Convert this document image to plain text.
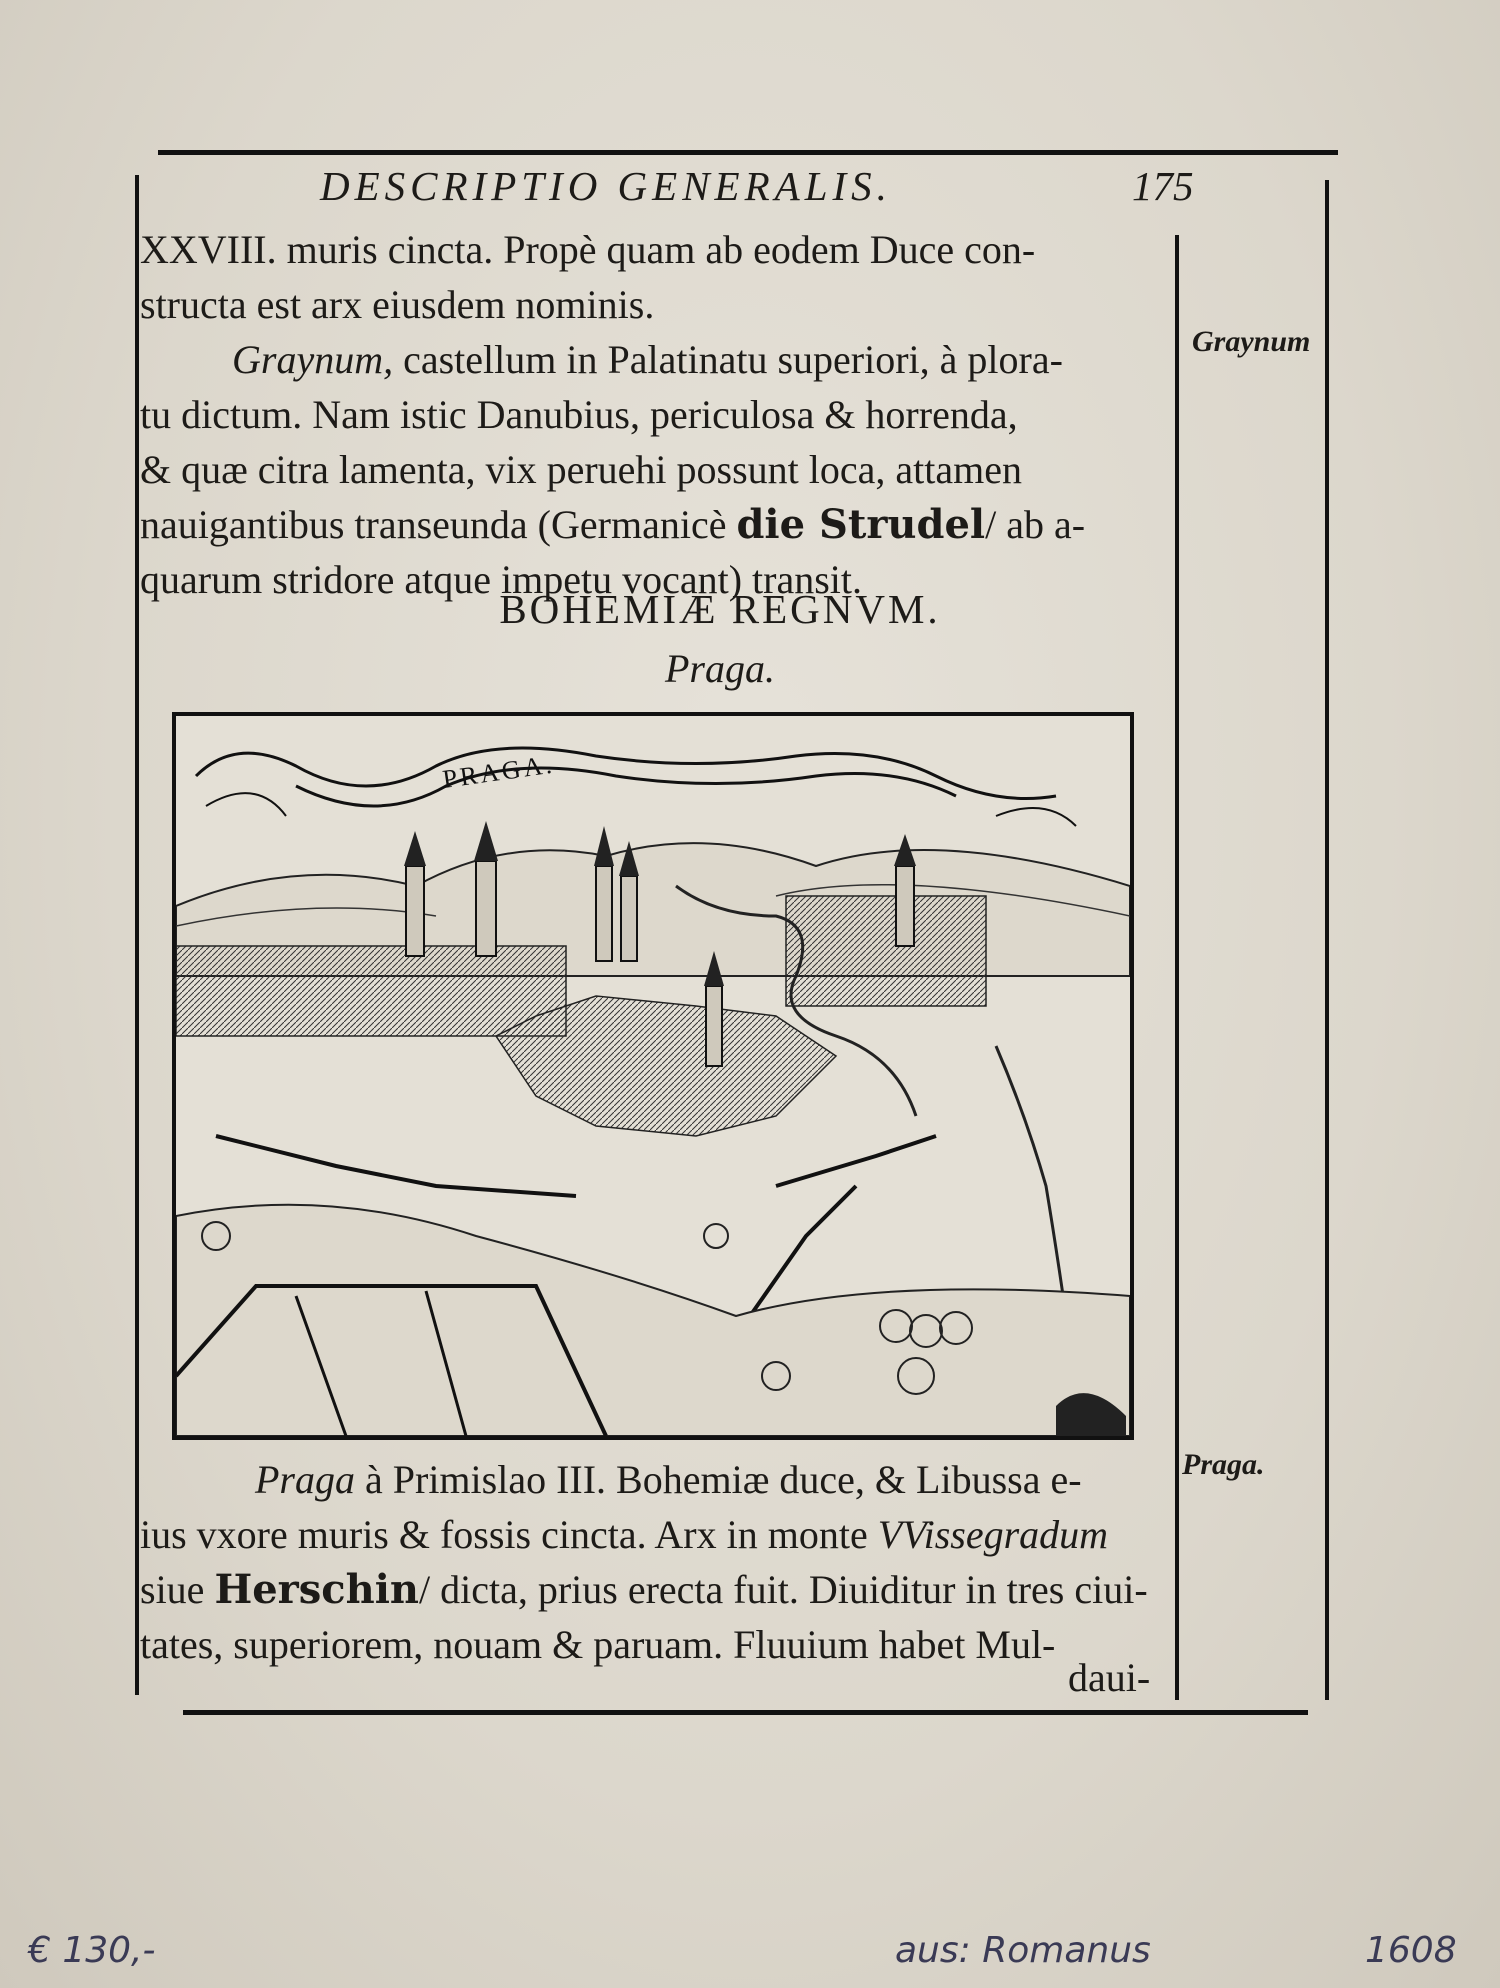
DESCRIPTIO GENERALIS.	175
XXVIII. muris cincta. Propè quam ab eodem Duce con-
structa est arx eiusdem nominis.
Graynum, castellum in Palatinatu superiori, à plora-
tu dictum. Nam istic Danubius, periculosa & horrenda,
& quæ citra lamenta, vix peruehi possunt loca, attamen
nauigantibus transeunda (Germanicè die Strudel/ ab a-
quarum stridore atque impetu vocant) transit.
Graynum
BOHEMIÆ REGNVM.
Praga.
PRAGA.
Praga à Primislao III. Bohemiæ duce, & Libussa e-
ius vxore muris & fossis cincta. Arx in monte VVissegradum
siue Herschin/ dicta, prius erecta fuit. Diuiditur in tres ciui-
tates, superiorem, nouam & paruam. Fluuium habet Mul-
daui-
Praga.
€ 130,-	aus: Romanus	1608
